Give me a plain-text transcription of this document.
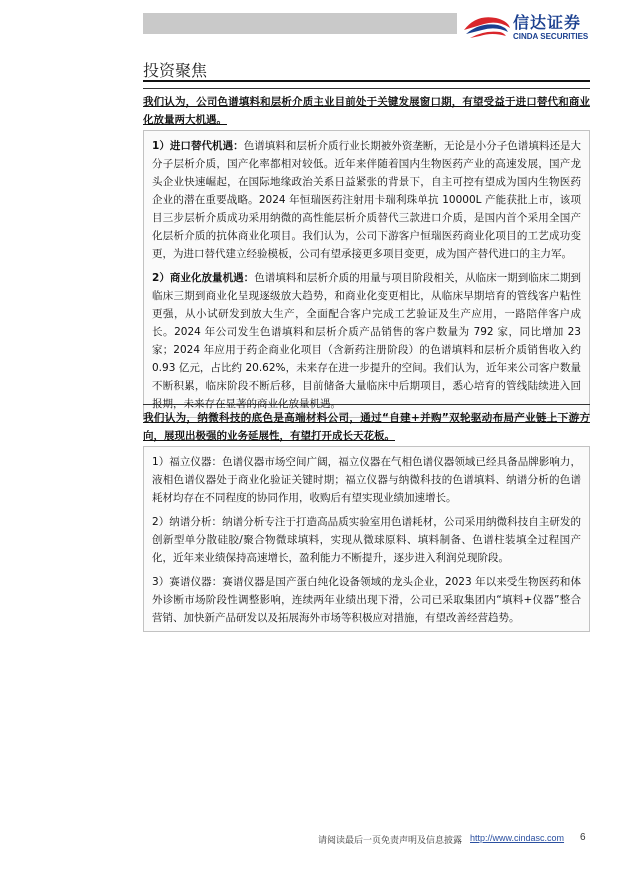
信达证券
CINDA SECURITIES
投资聚焦
我们认为，公司色谱填料和层析介质主业目前处于关键发展窗口期，有望受益于进口替代和商业化放量两大机遇。

1）进口替代机遇：色谱填料和层析介质行业长期被外资垄断，无论是小分子色谱填料还是大分子层析介质，国产化率都相对较低。近年来伴随着国内生物医药产业的高速发展，国产龙头企业快速崛起，在国际地缘政治关系日益紧张的背景下，自主可控有望成为国内生物医药企业的潜在重要战略。2024 年恒瑞医药注射用卡瑞利珠单抗 10000L 产能获批上市，该项目三步层析介质成功采用纳微的高性能层析介质替代三款进口介质，是国内首个采用全国产化层析介质的抗体商业化项目。我们认为，公司下游客户恒瑞医药商业化项目的工艺成功变更，为进口替代建立经验模板，公司有望承接更多项目变更，成为国产替代进口的主力军。

2）商业化放量机遇：色谱填料和层析介质的用量与项目阶段相关，从临床一期到临床二期到临床三期到商业化呈现逐级放大趋势，和商业化变更相比，从临床早期培育的管线客户粘性更强，从小试研发到放大生产，全面配合客户完成工艺验证及生产应用，一路陪伴客户成长。2024 年公司发生色谱填料和层析介质产品销售的客户数量为 792 家，同比增加 23 家；2024 年应用于药企商业化项目（含新药注册阶段）的色谱填料和层析介质销售收入约 0.93 亿元，占比约 20.62%，未来存在进一步提升的空间。我们认为，近年来公司客户数量不断积累，临床阶段不断后移，目前储备大量临床中后期项目，悉心培育的管线陆续进入回报期，未来存在显著的商业化放量机遇。

我们认为，纳微科技的底色是高端材料公司，通过“自建+并购”双轮驱动布局产业链上下游方向，展现出极强的业务延展性，有望打开成长天花板。

1）福立仪器：色谱仪器市场空间广阔，福立仪器在气相色谱仪器领域已经具备品牌影响力，液相色谱仪器处于商业化验证关键时期；福立仪器与纳微科技的色谱填料、纳谱分析的色谱耗材均存在不同程度的协同作用，收购后有望实现业绩加速增长。

2）纳谱分析：纳谱分析专注于打造高品质实验室用色谱耗材，公司采用纳微科技自主研发的创新型单分散硅胶/聚合物微球填料，实现从微球原料、填料制备、色谱柱装填全过程国产化，近年来业绩保持高速增长，盈利能力不断提升，逐步进入利润兑现阶段。

3）赛谱仪器：赛谱仪器是国产蛋白纯化设备领域的龙头企业，2023 年以来受生物医药和体外诊断市场阶段性调整影响，连续两年业绩出现下滑，公司已采取集团内“填料+仪器”整合营销、加快新产品研发以及拓展海外市场等积极应对措施，有望改善经营趋势。

请阅读最后一页免责声明及信息披露 http://www.cindasc.com 6
